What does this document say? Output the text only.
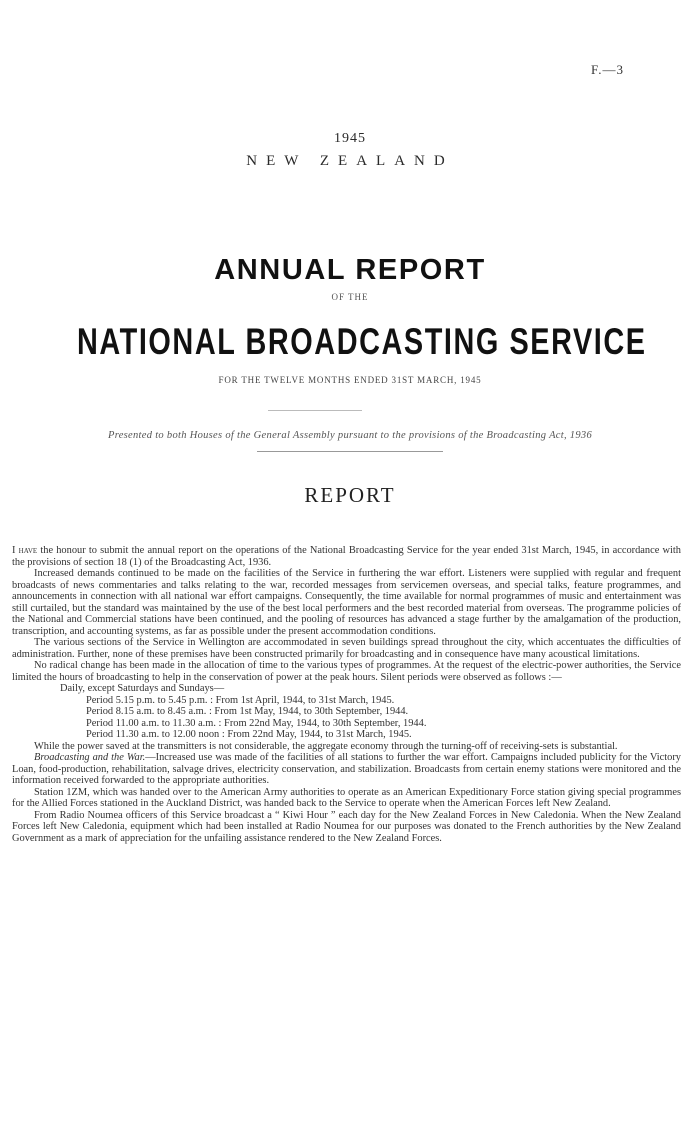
F.—3
1945
NEW ZEALAND
ANNUAL REPORT
OF THE
NATIONAL BROADCASTING SERVICE
FOR THE TWELVE MONTHS ENDED 31ST MARCH, 1945
Presented to both Houses of the General Assembly pursuant to the provisions of the Broadcasting Act, 1936
REPORT

I have the honour to submit the annual report on the operations of the National Broadcasting Service for the year ended 31st March, 1945, in accordance with the provisions of section 18 (1) of the Broadcasting Act, 1936.

Increased demands continued to be made on the facilities of the Service in furthering the war effort. Listeners were supplied with regular and frequent broadcasts of news commentaries and talks relating to the war, recorded messages from servicemen overseas, and special talks, feature programmes, and announcements in connection with all national war effort campaigns. Consequently, the time available for normal programmes of music and entertainment was still curtailed, but the standard was maintained by the use of the best local performers and the best recorded material from overseas. The programme policies of the National and Commercial stations have been continued, and the pooling of resources has advanced a stage further by the amalgamation of the production, transcription, and accounting systems, as far as possible under the present accommodation conditions.

The various sections of the Service in Wellington are accommodated in seven buildings spread throughout the city, which accentuates the difficulties of administration. Further, none of these premises have been constructed primarily for broadcasting and in consequence have many acoustical limitations.

No radical change has been made in the allocation of time to the various types of programmes. At the request of the electric-power authorities, the Service limited the hours of broadcasting to help in the conservation of power at the peak hours. Silent periods were observed as follows :—

Daily, except Saturdays and Sundays—
Period 5.15 p.m. to 5.45 p.m. : From 1st April, 1944, to 31st March, 1945.
Period 8.15 a.m. to 8.45 a.m. : From 1st May, 1944, to 30th September, 1944.
Period 11.00 a.m. to 11.30 a.m. : From 22nd May, 1944, to 30th September, 1944.
Period 11.30 a.m. to 12.00 noon : From 22nd May, 1944, to 31st March, 1945.

While the power saved at the transmitters is not considerable, the aggregate economy through the turning-off of receiving-sets is substantial.

Broadcasting and the War.—Increased use was made of the facilities of all stations to further the war effort. Campaigns included publicity for the Victory Loan, food-production, rehabilitation, salvage drives, electricity conservation, and stabilization. Broadcasts from certain enemy stations were monitored and the information received forwarded to the appropriate authorities.

Station 1ZM, which was handed over to the American Army authorities to operate as an American Expeditionary Force station giving special programmes for the Allied Forces stationed in the Auckland District, was handed back to the Service to operate when the American Forces left New Zealand.

From Radio Noumea officers of this Service broadcast a “ Kiwi Hour ” each day for the New Zealand Forces in New Caledonia. When the New Zealand Forces left New Caledonia, equipment which had been installed at Radio Noumea for our purposes was donated to the French authorities by the New Zealand Government as a mark of appreciation for the unfailing assistance rendered to the New Zealand Forces.
